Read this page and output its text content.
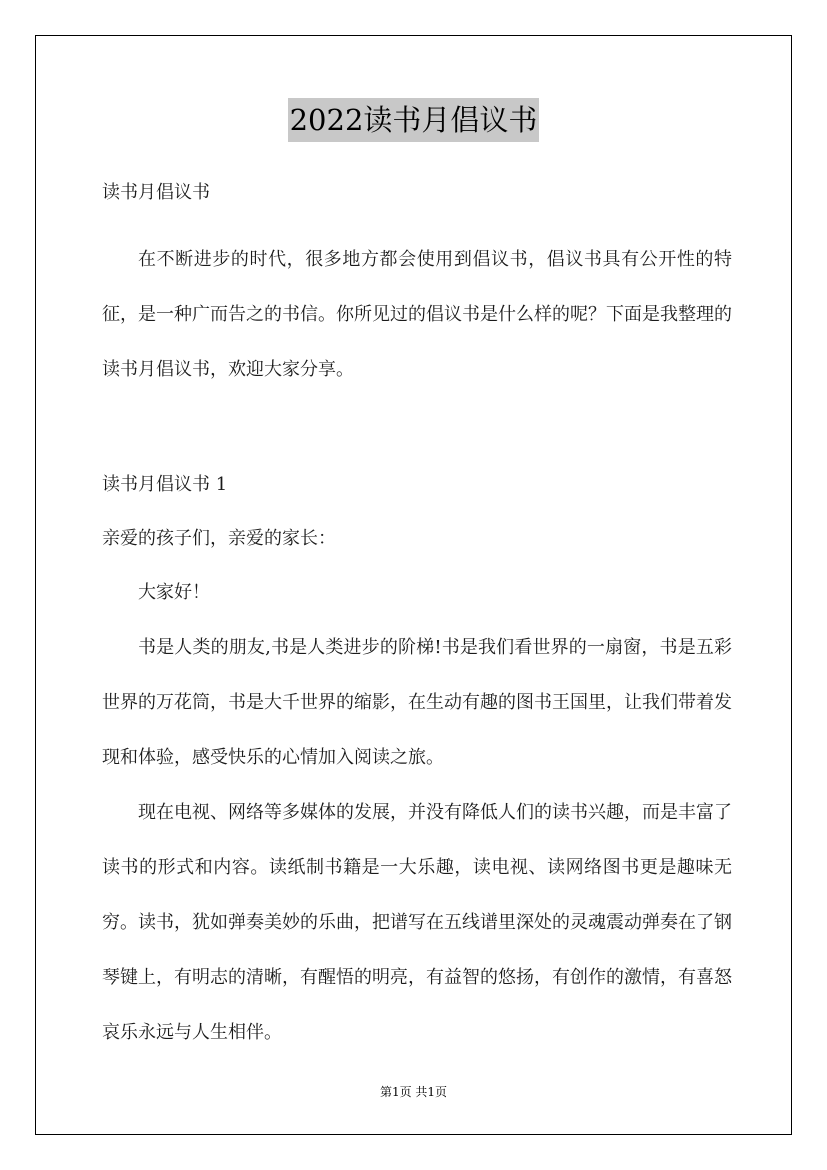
2022读书月倡议书
读书月倡议书

在不断进步的时代，很多地方都会使用到倡议书，倡议书具有公开性的特征，是一种广而告之的书信。你所见过的倡议书是什么样的呢？下面是我整理的读书月倡议书，欢迎大家分享。

读书月倡议书 1
亲爱的孩子们，亲爱的家长：
大家好！

书是人类的朋友,书是人类进步的阶梯!书是我们看世界的一扇窗，书是五彩世界的万花筒，书是大千世界的缩影，在生动有趣的图书王国里，让我们带着发现和体验，感受快乐的心情加入阅读之旅。

现在电视、网络等多媒体的发展，并没有降低人们的读书兴趣，而是丰富了读书的形式和内容。读纸制书籍是一大乐趣，读电视、读网络图书更是趣味无穷。读书，犹如弹奏美妙的乐曲，把谱写在五线谱里深处的灵魂震动弹奏在了钢琴键上，有明志的清晰，有醒悟的明亮，有益智的悠扬，有创作的激情，有喜怒哀乐永远与人生相伴。

第1页 共1页
